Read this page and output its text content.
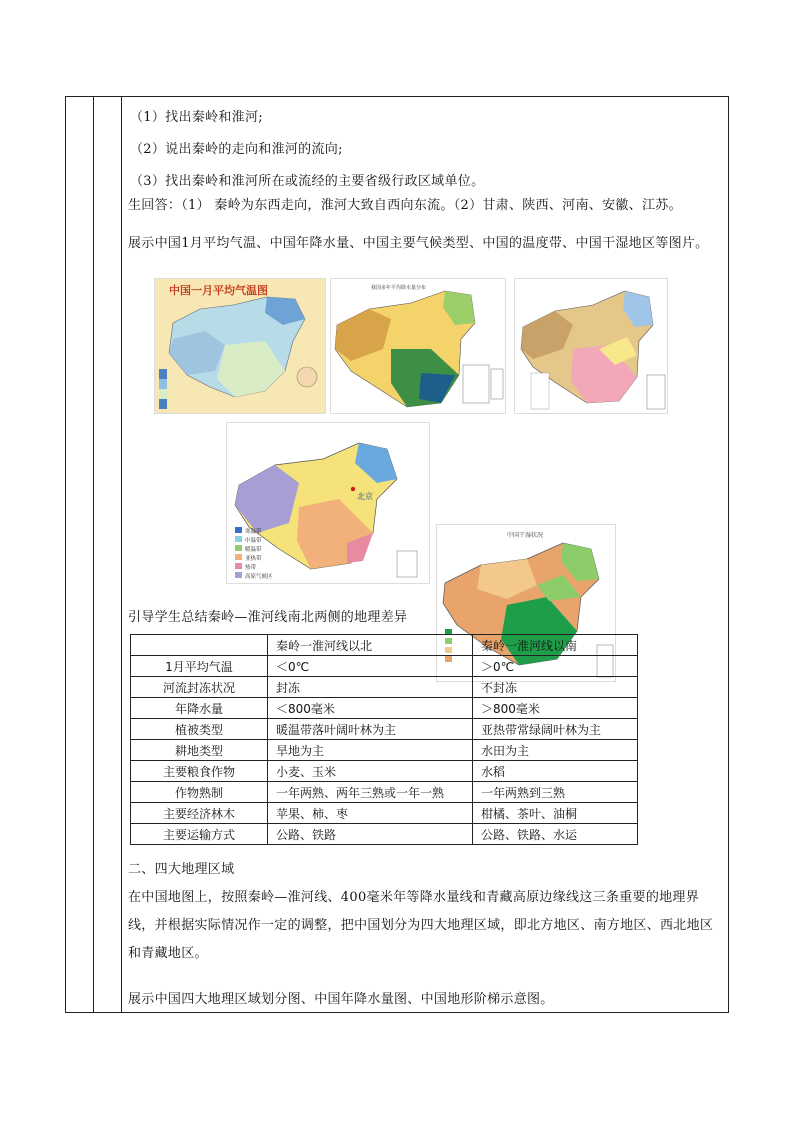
（1）找出秦岭和淮河;
（2）说出秦岭的走向和淮河的流向;
（3）找出秦岭和淮河所在或流经的主要省级行政区域单位。
生回答：（1） 秦岭为东西走向，淮河大致自西向东流。（2）甘肃、陕西、河南、安徽、江苏。
展示中国1月平均气温、中国年降水量、中国主要气候类型、中国的温度带、中国干湿地区等图片。
中国一月平均气温图	我国多年平均降水量分布
北京
寒温带
中温带
暖温带
亚热带
热带
高原气候区
中国干湿状况
引导学生总结秦岭—淮河线南北两侧的地理差异
	秦岭一淮河线以北	秦岭一淮河线以南
1月平均气温	＜0℃	＞0℃
河流封冻状况	封冻	不封冻
年降水量	＜800毫米	＞800毫米
植被类型	暖温带落叶阔叶林为主	亚热带常绿阔叶林为主
耕地类型	旱地为主	水田为主
主要粮食作物	小麦、玉米	水稻
作物熟制	一年两熟、两年三熟或一年一熟	一年两熟到三熟
主要经济林木	苹果、柿、枣	柑橘、茶叶、油桐
主要运输方式	公路、铁路	公路、铁路、水运
二、四大地理区域
在中国地图上，按照秦岭—淮河线、400毫米年等降水量线和青藏高原边缘线这三条重要的地理界线，并根据实际情况作一定的调整，把中国划分为四大地理区域，即北方地区、南方地区、西北地区和青藏地区。
展示中国四大地理区域划分图、中国年降水量图、中国地形阶梯示意图。
